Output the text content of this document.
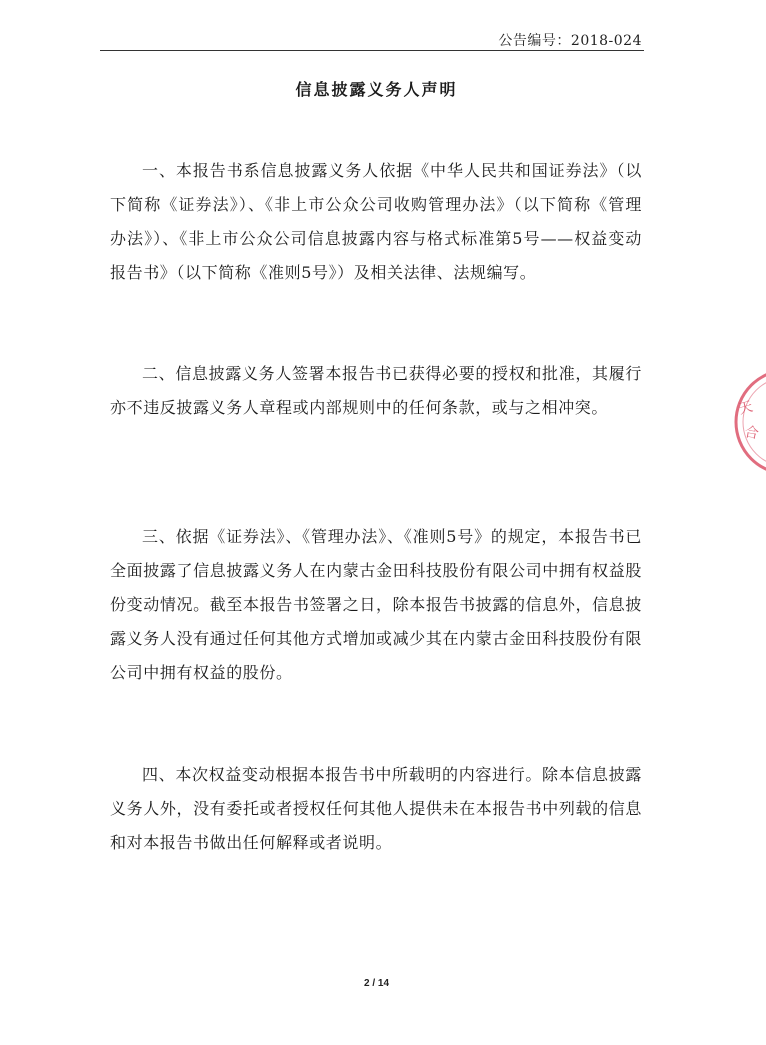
公告编号：2018-024
信息披露义务人声明

一、本报告书系信息披露义务人依据《中华人民共和国证券法》（以下简称《证券法》）、《非上市公众公司收购管理办法》（以下简称《管理办法》）、《非上市公众公司信息披露内容与格式标准第5号——权益变动报告书》（以下简称《准则5号》）及相关法律、法规编写。

二、信息披露义务人签署本报告书已获得必要的授权和批准，其履行亦不违反披露义务人章程或内部规则中的任何条款，或与之相冲突。

三、依据《证券法》、《管理办法》、《准则5号》的规定，本报告书已全面披露了信息披露义务人在内蒙古金田科技股份有限公司中拥有权益股份变动情况。截至本报告书签署之日，除本报告书披露的信息外，信息披露义务人没有通过任何其他方式增加或减少其在内蒙古金田科技股份有限公司中拥有权益的股份。

四、本次权益变动根据本报告书中所载明的内容进行。除本信息披露义务人外，没有委托或者授权任何其他人提供未在本报告书中列载的信息和对本报告书做出任何解释或者说明。

2 / 14
天
合
